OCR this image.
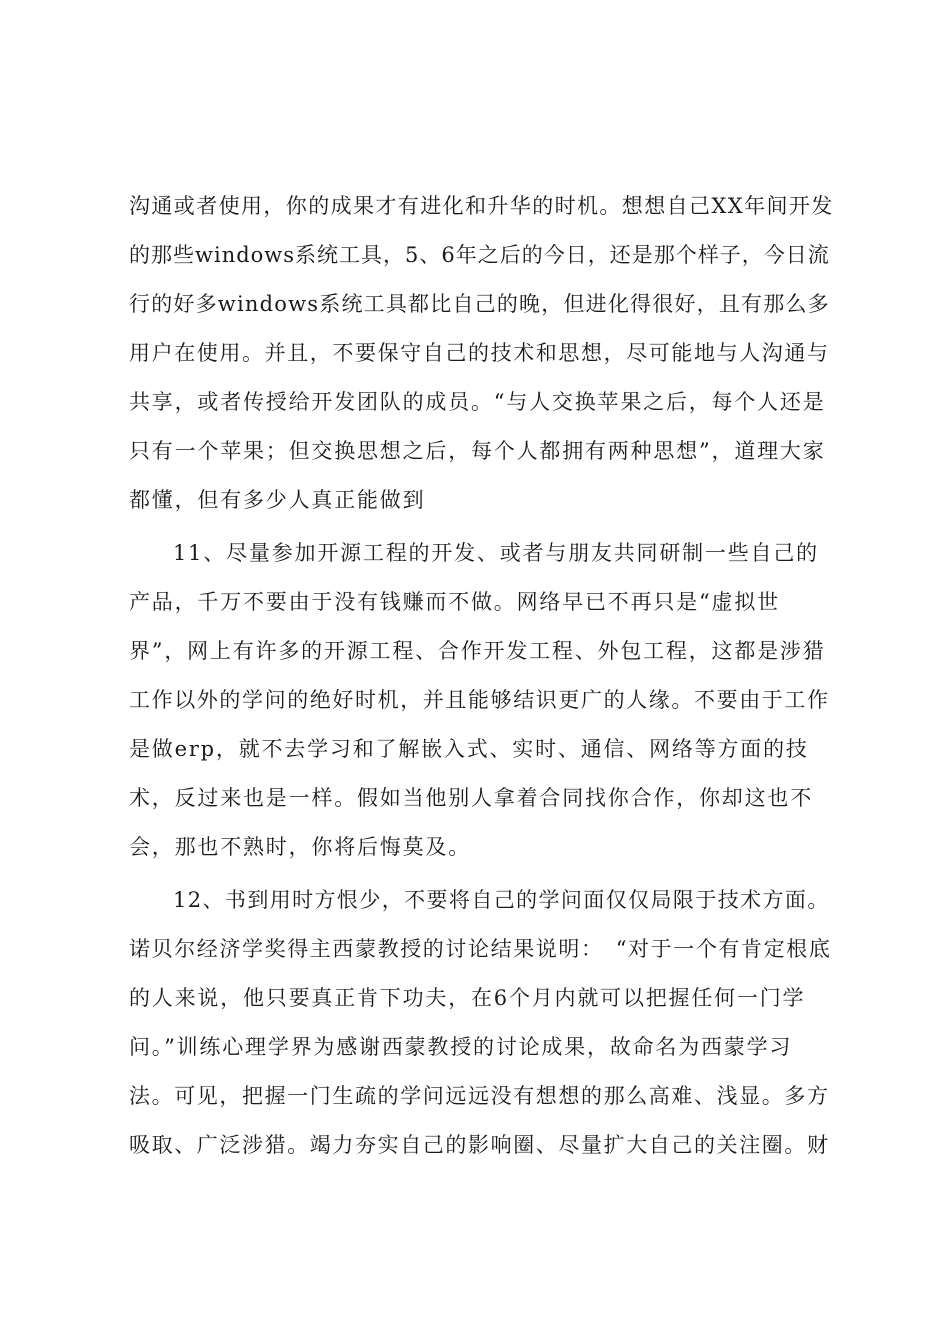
沟通或者使用，你的成果才有进化和升华的时机。想想自己XX年间开发
的那些windows系统工具，5、6年之后的今日，还是那个样子，今日流
行的好多windows系统工具都比自己的晚，但进化得很好，且有那么多
用户在使用。并且，不要保守自己的技术和思想，尽可能地与人沟通与
共享，或者传授给开发团队的成员。“与人交换苹果之后，每个人还是
只有一个苹果；但交换思想之后，每个人都拥有两种思想”，道理大家
都懂，但有多少人真正能做到
11、尽量参加开源工程的开发、或者与朋友共同研制一些自己的
产品，千万不要由于没有钱赚而不做。网络早已不再只是“虚拟世
界”，网上有许多的开源工程、合作开发工程、外包工程，这都是涉猎
工作以外的学问的绝好时机，并且能够结识更广的人缘。不要由于工作
是做erp，就不去学习和了解嵌入式、实时、通信、网络等方面的技
术，反过来也是一样。假如当他别人拿着合同找你合作，你却这也不
会，那也不熟时，你将后悔莫及。
12、书到用时方恨少，不要将自己的学问面仅仅局限于技术方面。
诺贝尔经济学奖得主西蒙教授的讨论结果说明：　“对于一个有肯定根底
的人来说，他只要真正肯下功夫，在6个月内就可以把握任何一门学
问。”训练心理学界为感谢西蒙教授的讨论成果，故命名为西蒙学习
法。可见，把握一门生疏的学问远远没有想想的那么高难、浅显。多方
吸取、广泛涉猎。竭力夯实自己的影响圈、尽量扩大自己的关注圈。财
